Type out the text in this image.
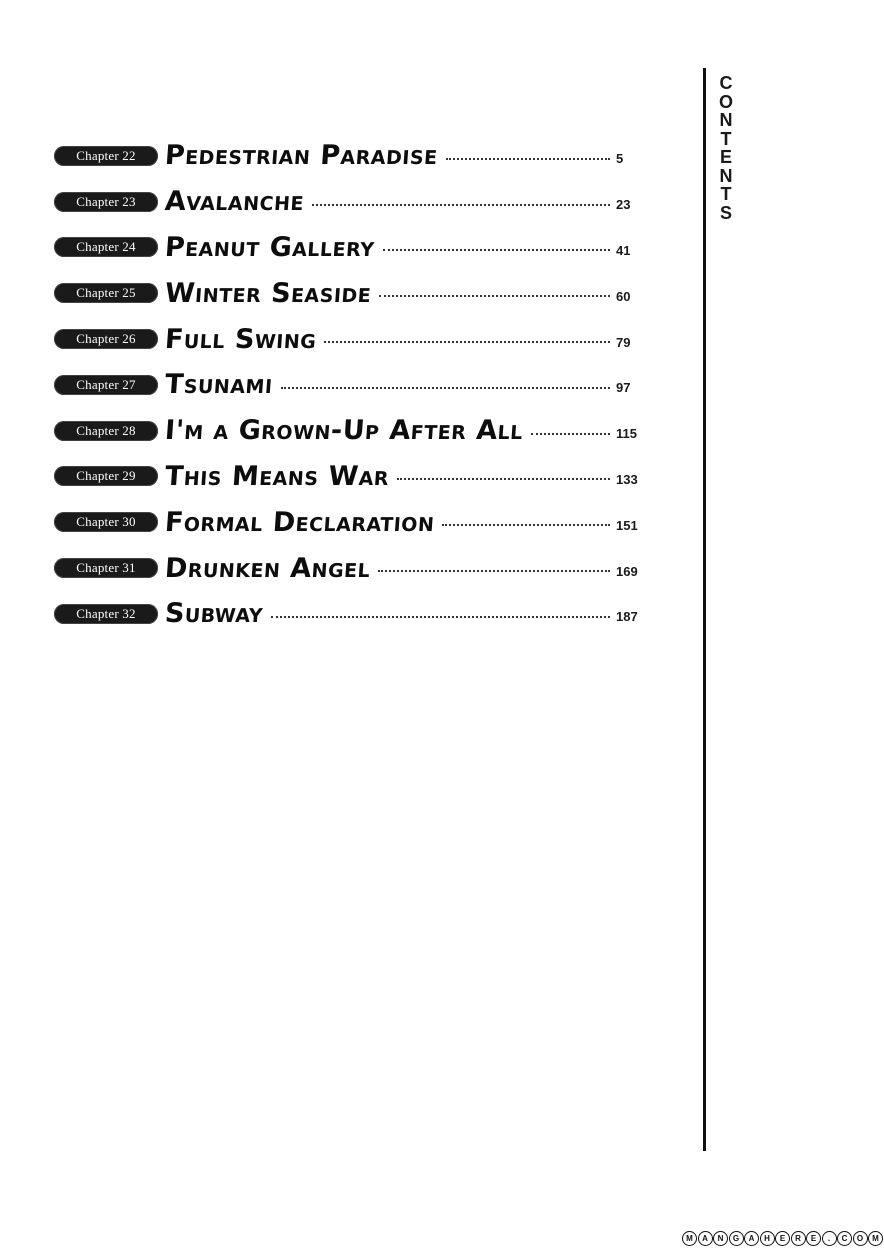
Chapter 22	Pedestrian Paradise	5
Chapter 23	Avalanche	23
Chapter 24	Peanut Gallery	41
Chapter 25	Winter Seaside	60
Chapter 26	Full Swing	79
Chapter 27	Tsunami	97
Chapter 28	I'm a Grown-Up After All	115
Chapter 29	This Means War	133
Chapter 30	Formal Declaration	151
Chapter 31	Drunken Angel	169
Chapter 32	Subway	187
C
O
N
T
E
N
T
S
M	A	N	G	A	H	E	R	E	.	C	O	M
